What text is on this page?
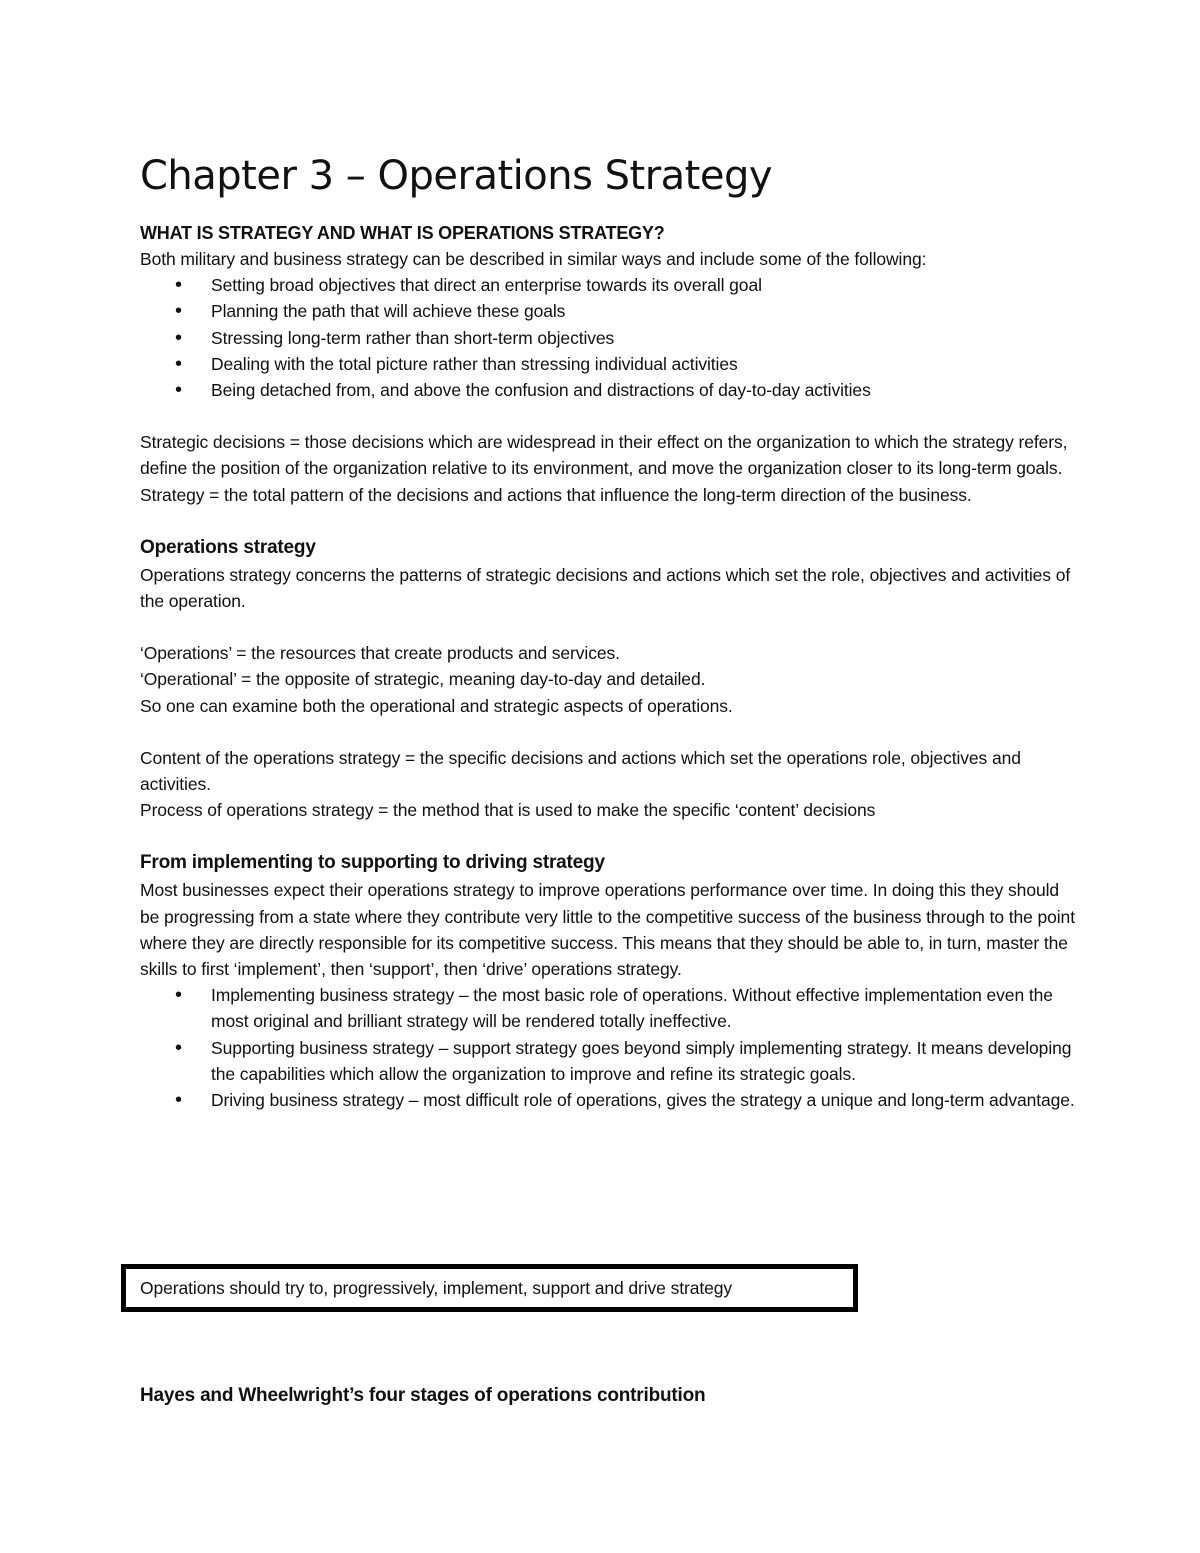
Chapter 3 – Operations Strategy
WHAT IS STRATEGY AND WHAT IS OPERATIONS STRATEGY?

Both military and business strategy can be described in similar ways and include some of the following:

• Setting broad objectives that direct an enterprise towards its overall goal
• Planning the path that will achieve these goals
• Stressing long-term rather than short-term objectives
• Dealing with the total picture rather than stressing individual activities
• Being detached from, and above the confusion and distractions of day-to-day activities

Strategic decisions = those decisions which are widespread in their effect on the organization to which the strategy refers, define the position of the organization relative to its environment, and move the organization closer to its long-term goals.

Strategy = the total pattern of the decisions and actions that influence the long-term direction of the business.

Operations strategy

Operations strategy concerns the patterns of strategic decisions and actions which set the role, objectives and activities of the operation.

‘Operations’ = the resources that create products and services.

‘Operational’ = the opposite of strategic, meaning day-to-day and detailed.

So one can examine both the operational and strategic aspects of operations.

Content of the operations strategy = the specific decisions and actions which set the operations role, objectives and activities.

Process of operations strategy = the method that is used to make the specific ‘content’ decisions

From implementing to supporting to driving strategy

Most businesses expect their operations strategy to improve operations performance over time. In doing this they should be progressing from a state where they contribute very little to the competitive success of the business through to the point where they are directly responsible for its competitive success. This means that they should be able to, in turn, master the skills to first ‘implement’, then ‘support’, then ‘drive’ operations strategy.

• Implementing business strategy – the most basic role of operations. Without effective implementation even the most original and brilliant strategy will be rendered totally ineffective.
• Supporting business strategy – support strategy goes beyond simply implementing strategy. It means developing the capabilities which allow the organization to improve and refine its strategic goals.
• Driving business strategy – most difficult role of operations, gives the strategy a unique and long-term advantage.
Operations should try to, progressively, implement, support and drive strategy
Hayes and Wheelwright’s four stages of operations contribution
